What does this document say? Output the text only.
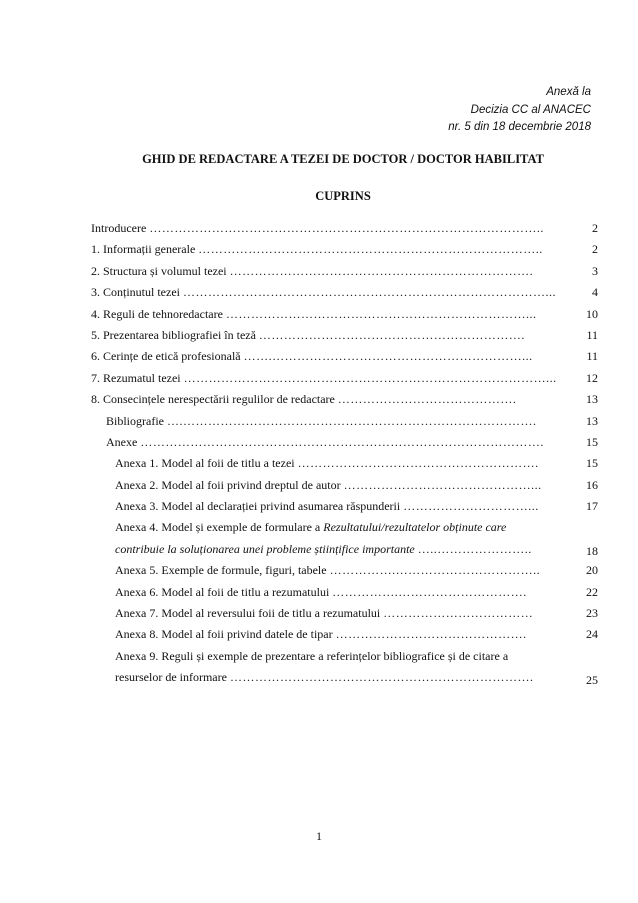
Anexă la
Decizia CC al ANACEC
nr. 5 din 18 decembrie 2018
GHID DE REDACTARE A TEZEI DE DOCTOR / DOCTOR HABILITAT
CUPRINS
Introducere …………………………………………………………………………………..	2
1. Informații generale ………………………………………………………………………..	2
2. Structura și volumul tezei ……………………………………………………………….	3
3. Conținutul tezei ……………………………………………………………………………...	4
4. Reguli de tehnoredactare ………………………………………………………………...	10
5. Prezentarea bibliografiei în teză ……………………………………………………….	11
6. Cerințe de etică profesională …….……………………………………………………...	11
7. Rezumatul tezei ……………………………………………………………………………...	12
8. Consecințele nerespectării regulilor de redactare …………………………………….	13
Bibliografie ….………………………………………………………………………….	13
Anexe …………………………………………………………………………………….	15
Anexa 1. Model al foii de titlu a tezei ………………………………………………….	15
Anexa 2. Model al foii privind dreptul de autor ………………………………………...	16
Anexa 3. Model al declarației privind asumarea răspunderii …………………………...	17
Anexa 4. Model și exemple de formulare a Rezultatului/rezultatelor obținute care
contribuie la soluționarea unei probleme științifice importante …..…………………..	18
Anexa 5. Exemple de formule, figuri, tabele …………….……………………………..	20
Anexa 6. Model al foii de titlu a rezumatului …………….………………………….	22
Anexa 7. Model al reversului foii de titlu a rezumatului ………………………………	23
Anexa 8. Model al foii privind datele de tipar ……………………………………….	24
Anexa 9. Reguli și exemple de prezentare a referințelor bibliografice și de citare a
resurselor de informare ……………………………………………………………….	25
1
